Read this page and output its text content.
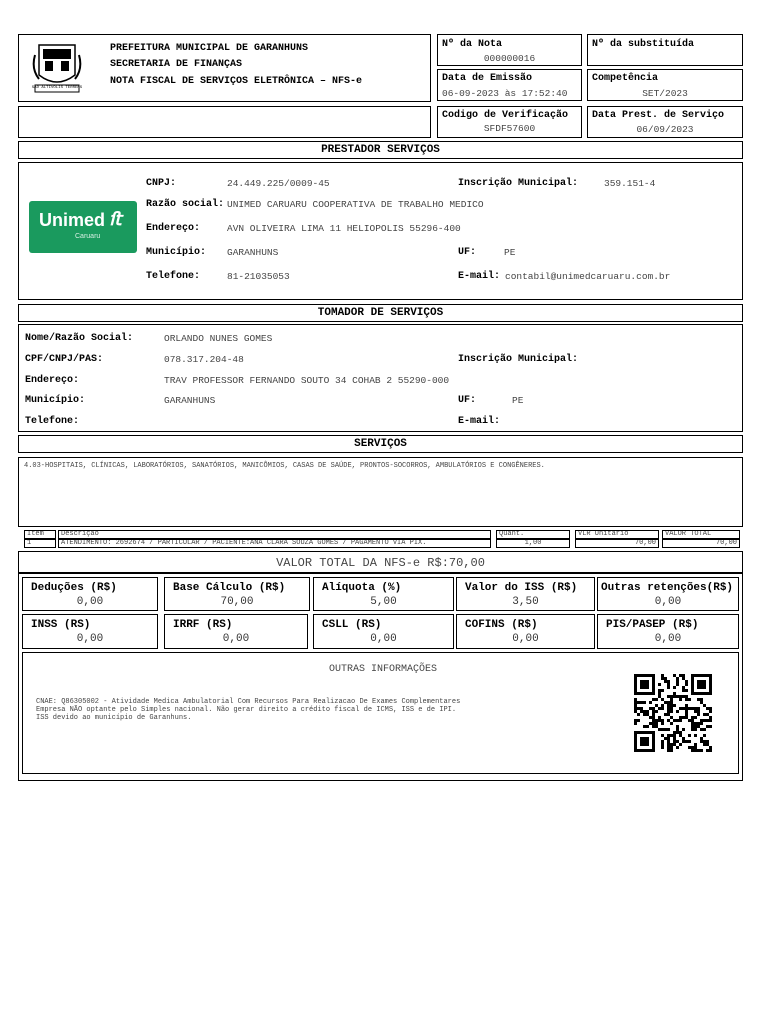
SÃO ALTIVOLIS TERRENS
PREFEITURA MUNICIPAL DE GARANHUNS
SECRETARIA DE FINANÇAS
NOTA FISCAL DE SERVIÇOS ELETRÔNICA – NFS-e
Nº da Nota
000000016
Nº da substituída
Data de Emissão
06-09-2023 às 17:52:40
Competência
SET/2023
Codigo de Verificação
SFDF57600
Data Prest. de Serviço
06/09/2023
PRESTADOR SERVIÇOS
Unimed ﬅ
Caruaru
CNPJ:	24.449.225/0009-45	Inscrição Municipal:	359.151-4
Razão social: UNIMED CARUARU COOPERATIVA DE TRABALHO MEDICO
Endereço:	AVN OLIVEIRA LIMA 11 HELIOPOLIS 55296-400
Município: GARANHUNS	UF:	PE
Telefone:	81-21035053	E-mail: contabil@unimedcaruaru.com.br
TOMADOR DE SERVIÇOS
Nome/Razão Social:	ORLANDO NUNES GOMES
CPF/CNPJ/PAS:	078.317.204-48	Inscrição Municipal:
Endereço:	TRAV PROFESSOR FERNANDO SOUTO 34 COHAB 2 55290-000
Município:	GARANHUNS	UF:	PE
Telefone:	E-mail:
SERVIÇOS
4.03-HOSPITAIS, CLÍNICAS, LABORATÓRIOS, SANATÓRIOS, MANICÔMIOS, CASAS DE SAÚDE, PRONTOS-SOCORROS, AMBULATÓRIOS E CONGÊNERES.
Item	Descrição	Quant.	VLR Unitario	VALOR TOTAL
1	ATENDIMENTO: 2692674 / PARTICULAR / PACIENTE:ANA CLARA SOUZA GOMES / PAGAMENTO VIA PIX.	1,00	70,00	70,00
VALOR TOTAL DA NFS-e R$:70,00
Deduções (R$)
0,00
Base Cálculo (R$)
70,00
Alíquota (%)
5,00
Valor do ISS (R$)
3,50
Outras retenções(R$)
0,00
INSS (RS)
0,00
IRRF (RS)
0,00
CSLL (RS)
0,00
COFINS (R$)
0,00
PIS/PASEP (R$)
0,00
OUTRAS INFORMAÇÕES
CNAE: Q86305002 - Atividade Medica Ambulatorial Com Recursos Para Realizacao De Exames Complementares
Empresa NÃO optante pelo Simples nacional. Não gerar direito a crédito fiscal de ICMS, ISS e de IPI.
ISS devido ao município de Garanhuns.
